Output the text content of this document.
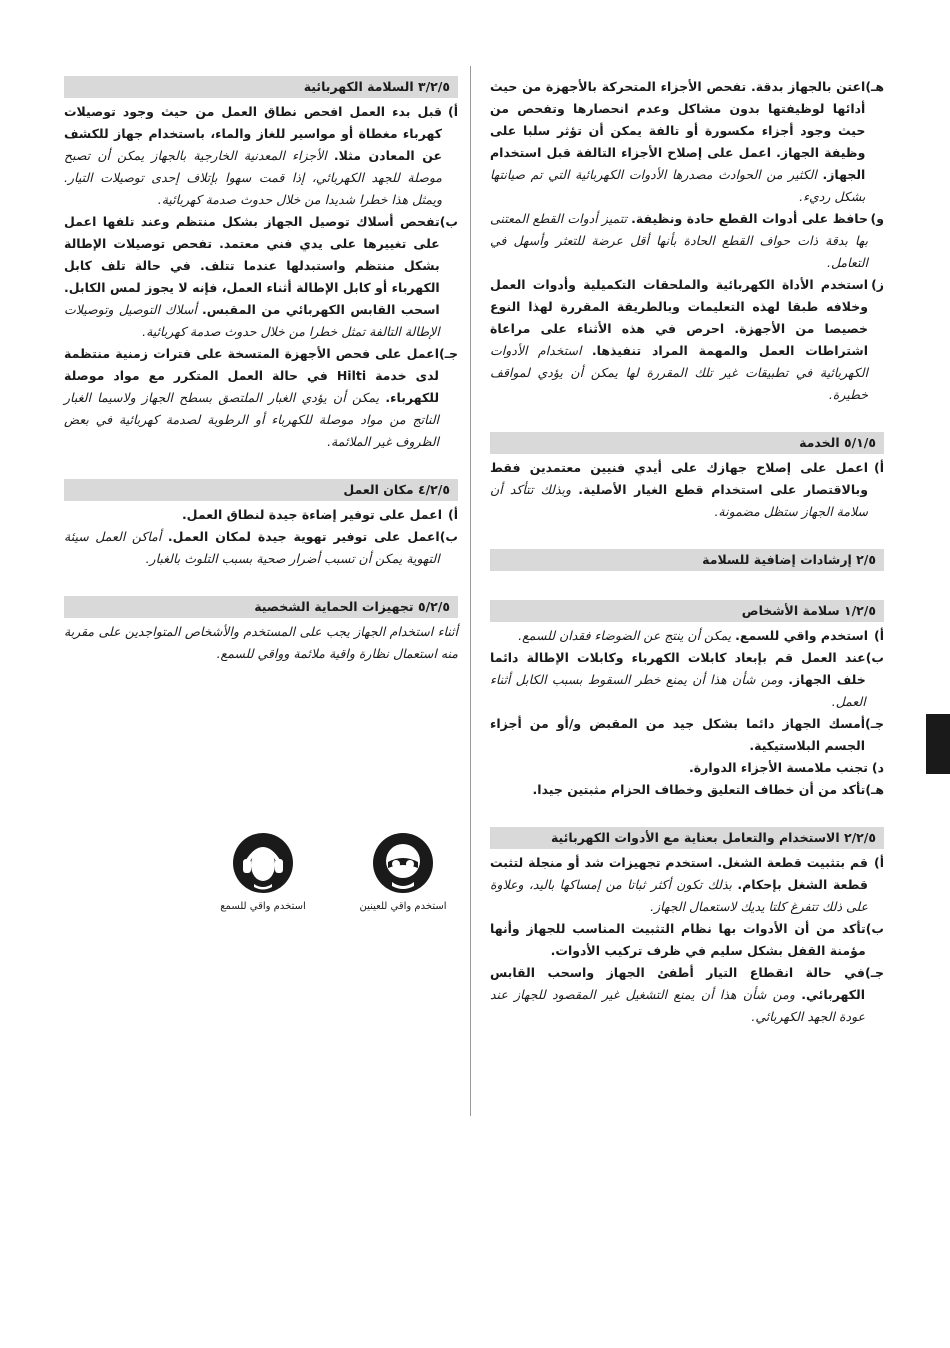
هـ)
اعتن بالجهاز بدقة. تفحص الأجزاء المتحركة بالأجهزة من حيث أدائها لوظيفتها بدون مشاكل وعدم انحصارها وتفحص من حيث وجود أجزاء مكسورة أو تالفة يمكن أن تؤثر سلبا على وظيفة الجهاز. اعمل على إصلاح الأجزاء التالفة قبل استخدام الجهاز. الكثير من الحوادث مصدرها الأدوات الكهربائية التي تم صيانتها بشكل رديء.
و)
حافظ على أدوات القطع حادة ونظيفة. تتميز أدوات القطع المعتنى بها بدقة ذات حواف القطع الحادة بأنها أقل عرضة للتعثر وأسهل في التعامل.
ز)
استخدم الأداة الكهربائية والملحقات التكميلية وأدوات العمل وخلافه طبقا لهذه التعليمات وبالطريقة المقررة لهذا النوع خصيصا من الأجهزة. احرص في هذه الأثناء على مراعاة اشتراطات العمل والمهمة المراد تنفيذها. استخدام الأدوات الكهربائية في تطبيقات غير تلك المقررة لها يمكن أن يؤدي لمواقف خطيرة.
٥/١/٥ الخدمة
أ)
اعمل على إصلاح جهازك على أيدي فنيين معتمدين فقط وبالاقتصار على استخدام قطع الغيار الأصلية. وبذلك تتأكد أن سلامة الجهاز ستظل مضمونة.
٢/٥ إرشادات إضافية للسلامة
١/٢/٥ سلامة الأشخاص
أ)
استخدم واقي للسمع. يمكن أن ينتج عن الضوضاء فقدان للسمع.
ب)
عند العمل قم بإبعاد كابلات الكهرباء وكابلات الإطالة دائما خلف الجهاز. ومن شأن هذا أن يمنع خطر السقوط بسبب الكابل أثناء العمل.
جـ)
أمسك الجهاز دائما بشكل جيد من المقبض و/أو من أجزاء الجسم البلاستيكية.
د)
تجنب ملامسة الأجزاء الدوارة.
هـ)
تأكد من أن خطاف التعليق وخطاف الحزام مثبتين جيدا.
٢/٢/٥ الاستخدام والتعامل بعناية مع الأدوات الكهربائية
أ)
قم بتثبيت قطعة الشغل. استخدم تجهيزات شد أو منجلة لتثبت قطعة الشغل بإحكام. بذلك تكون أكثر ثباتا من إمساكها باليد، وعلاوة على ذلك تتفرغ كلتا يديك لاستعمال الجهاز.
ب)
تأكد من أن الأدوات بها نظام التثبيت المناسب للجهاز وأنها مؤمنة القفل بشكل سليم في ظرف تركيب الأدوات.
جـ)
في حالة انقطاع التيار أطفئ الجهاز واسحب القابس الكهربائي. ومن شأن هذا أن يمنع التشغيل غير المقصود للجهاز عند عودة الجهد الكهربائي.
٣/٢/٥ السلامة الكهربائية
أ)
قبل بدء العمل افحص نطاق العمل من حيث وجود توصيلات كهرباء مغطاة أو مواسير للغاز والماء، باستخدام جهاز للكشف عن المعادن مثلا. الأجزاء المعدنية الخارجية بالجهاز يمكن أن تصبح موصلة للجهد الكهربائي، إذا قمت سهوا بإتلاف إحدى توصيلات التيار. ويمثل هذا خطرا شديدا من خلال حدوث صدمة كهربائية.
ب)
تفحص أسلاك توصيل الجهاز بشكل منتظم وعند تلفها اعمل على تغييرها على يدي فني معتمد. تفحص توصيلات الإطالة بشكل منتظم واستبدلها عندما تتلف. في حالة تلف كابل الكهرباء أو كابل الإطالة أثناء العمل، فإنه لا يجوز لمس الكابل. اسحب القابس الكهربائي من المقبس. أسلاك التوصيل وتوصيلات الإطالة التالفة تمثل خطرا من خلال حدوث صدمة كهربائية.
جـ)
اعمل على فحص الأجهزة المتسخة على فترات زمنية منتظمة لدى خدمة Hilti في حالة العمل المتكرر مع مواد موصلة للكهرباء. يمكن أن يؤدي الغبار الملتصق بسطح الجهاز ولاسيما الغبار الناتج من مواد موصلة للكهرباء أو الرطوبة لصدمة كهربائية في بعض الظروف غير الملائمة.
٤/٢/٥ مكان العمل
أ)
اعمل على توفير إضاءة جيدة لنطاق العمل.
ب)
اعمل على توفير تهوية جيدة لمكان العمل. أماكن العمل سيئة التهوية يمكن أن تسبب أضرار صحية بسبب التلوث بالغبار.
٥/٢/٥ تجهيزات الحماية الشخصية
أثناء استخدام الجهاز يجب على المستخدم والأشخاص المتواجدين على مقربة منه استعمال نظارة واقية ملائمة وواقي للسمع.
استخدم واقي للعينين
استخدم واقي للسمع
